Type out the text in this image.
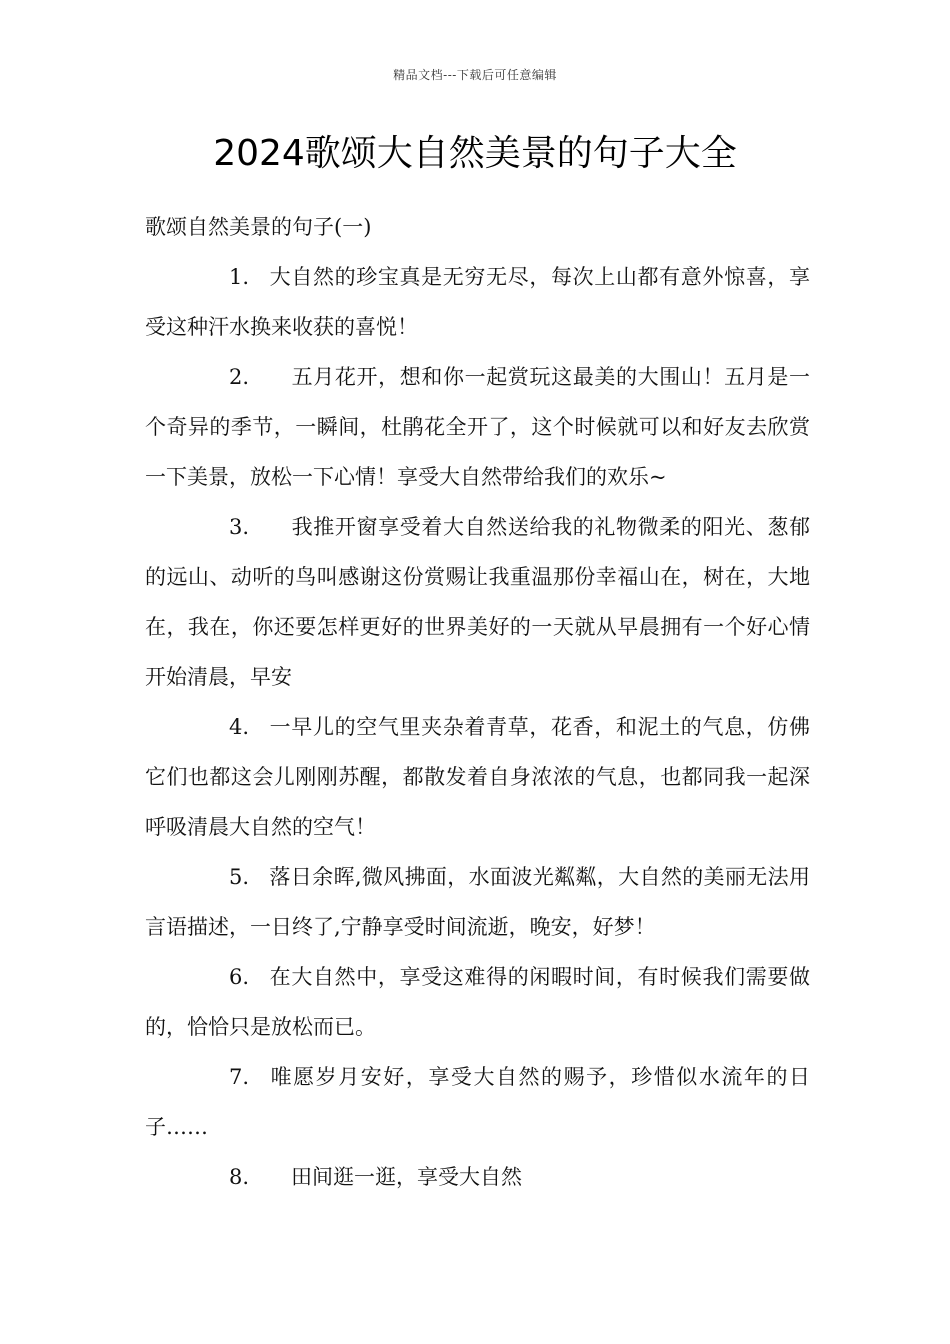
精品文档---下载后可任意编辑
2024歌颂大自然美景的句子大全

歌颂自然美景的句子(一)

1. 大自然的珍宝真是无穷无尽，每次上山都有意外惊喜，享受这种汗水换来收获的喜悦！

2. 五月花开，想和你一起赏玩这最美的大围山！五月是一个奇异的季节，一瞬间，杜鹃花全开了，这个时候就可以和好友去欣赏一下美景，放松一下心情！享受大自然带给我们的欢乐~

3. 我推开窗享受着大自然送给我的礼物微柔的阳光、葱郁的远山、动听的鸟叫感谢这份赏赐让我重温那份幸福山在，树在，大地在，我在，你还要怎样更好的世界美好的一天就从早晨拥有一个好心情开始清晨，早安

4. 一早儿的空气里夹杂着青草，花香，和泥土的气息，仿佛它们也都这会儿刚刚苏醒，都散发着自身浓浓的气息，也都同我一起深呼吸清晨大自然的空气！

5. 落日余晖,微风拂面，水面波光粼粼，大自然的美丽无法用言语描述，一日终了,宁静享受时间流逝，晚安，好梦！

6. 在大自然中，享受这难得的闲暇时间，有时候我们需要做的，恰恰只是放松而已。

7. 唯愿岁月安好，享受大自然的赐予，珍惜似水流年的日子……

8. 田间逛一逛，享受大自然
